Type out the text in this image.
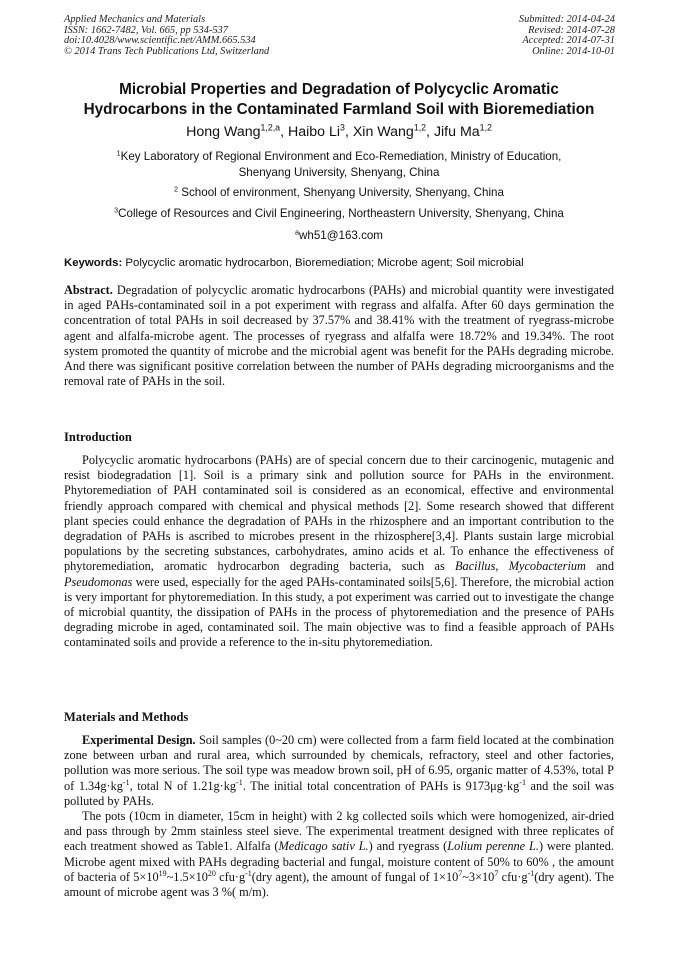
Applied Mechanics and Materials
ISSN: 1662-7482, Vol. 665, pp 534-537
doi:10.4028/www.scientific.net/AMM.665.534
© 2014 Trans Tech Publications Ltd, Switzerland
Submitted: 2014-04-24
Revised: 2014-07-28
Accepted: 2014-07-31
Online: 2014-10-01
Microbial Properties and Degradation of Polycyclic Aromatic
Hydrocarbons in the Contaminated Farmland Soil with Bioremediation
Hong Wang$^{1,2,a}$, Haibo Li$^3$, Xin Wang$^{1,2}$, Jifu Ma$^{1,2}$
$^1$Key Laboratory of Regional Environment and Eco-Remediation, Ministry of Education,
Shenyang University, Shenyang, China
$^2$ School of environment, Shenyang University, Shenyang, China
$^3$College of Resources and Civil Engineering, Northeastern University, Shenyang, China
$^a$wh51@163.com
Keywords: Polycyclic aromatic hydrocarbon, Bioremediation; Microbe agent; Soil microbial

Abstract. Degradation of polycyclic aromatic hydrocarbons (PAHs) and microbial quantity were investigated in aged PAHs-contaminated soil in a pot experiment with regrass and alfalfa. After 60 days germination the concentration of total PAHs in soil decreased by 37.57% and 38.41% with the treatment of ryegrass-microbe agent and alfalfa-microbe agent. The processes of ryegrass and alfalfa were 18.72% and 19.34%. The root system promoted the quantity of microbe and the microbial agent was benefit for the PAHs degrading microbe. And there was significant positive correlation between the number of PAHs degrading microorganisms and the removal rate of PAHs in the soil.

Introduction

Polycyclic aromatic hydrocarbons (PAHs) are of special concern due to their carcinogenic, mutagenic and resist biodegradation [1]. Soil is a primary sink and pollution source for PAHs in the environment. Phytoremediation of PAH contaminated soil is considered as an economical, effective and environmental friendly approach compared with chemical and physical methods [2]. Some research showed that different plant species could enhance the degradation of PAHs in the rhizosphere and an important contribution to the degradation of PAHs is ascribed to microbes present in the rhizosphere[3,4]. Plants sustain large microbial populations by the secreting substances, carbohydrates, amino acids et al. To enhance the effectiveness of phytoremediation, aromatic hydrocarbon degrading bacteria, such as Bacillus, Mycobacterium and Pseudomonas were used, especially for the aged PAHs-contaminated soils[5,6]. Therefore, the microbial action is very important for phytoremediation. In this study, a pot experiment was carried out to investigate the change of microbial quantity, the dissipation of PAHs in the process of phytoremediation and the presence of PAHs degrading microbe in aged, contaminated soil. The main objective was to find a feasible approach of PAHs contaminated soils and provide a reference to the in-situ phytoremediation.

Materials and Methods

Experimental Design. Soil samples (0~20 cm) were collected from a farm field located at the combination zone between urban and rural area, which surrounded by chemicals, refractory, steel and other factories, pollution was more serious. The soil type was meadow brown soil, pH of 6.95, organic matter of 4.53%, total P of $1.34g\cdot kg^{-1}$, total N of $1.21g\cdot kg^{-1}$. The initial total concentration of PAHs is $9173\mu g\cdot kg^{-1}$ and the soil was polluted by PAHs.

The pots (10cm in diameter, 15cm in height) with 2 kg collected soils which were homogenized, air-dried and pass through by 2mm stainless steel sieve. The experimental treatment designed with three replicates of each treatment showed as Table1. Alfalfa (Medicago sativ L.) and ryegrass (Lolium perenne L.) were planted. Microbe agent mixed with PAHs degrading bacterial and fungal, moisture content of 50% to 60% , the amount of bacteria of $5\times 10^{19}\sim 1.5\times 10^{20}$ $cfu\cdot g^{-1}(dry$ agent), the amount of fungal of $1\times 10^7\sim 3\times 10^7$ $cfu\cdot g^{-1}(dry$ agent). The amount of microbe agent was 3 %( m/m).
